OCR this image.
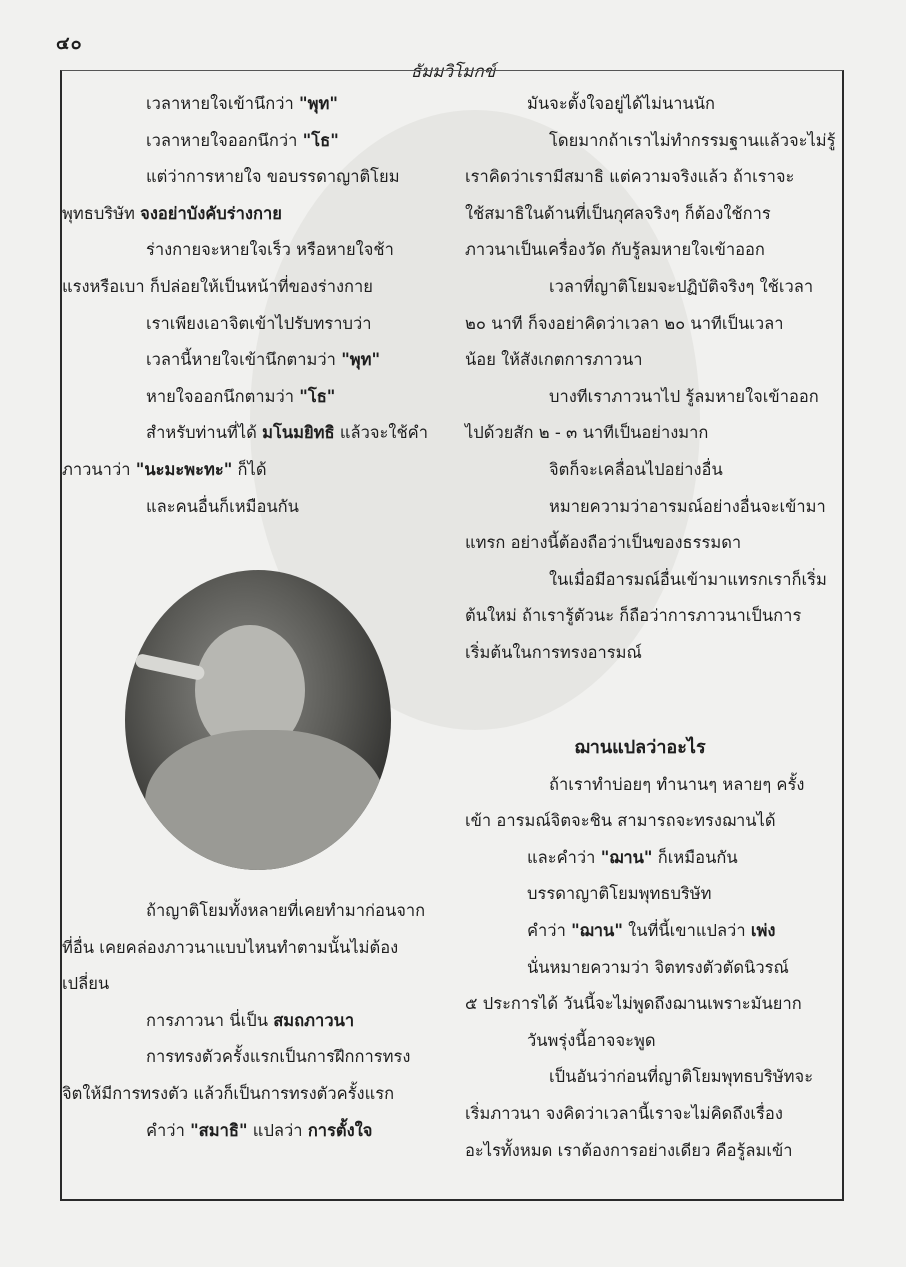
๔๐
ธัมมวิโมกข์

เวลาหายใจเข้านึกว่า "พุท"

เวลาหายใจออกนึกว่า "โธ"

แต่ว่าการหายใจ ขอบรรดาญาติโยม

พุทธบริษัท จงอย่าบังคับร่างกาย

ร่างกายจะหายใจเร็ว หรือหายใจช้า

แรงหรือเบา ก็ปล่อยให้เป็นหน้าที่ของร่างกาย

เราเพียงเอาจิตเข้าไปรับทราบว่า

เวลานี้หายใจเข้านึกตามว่า "พุท"

หายใจออกนึกตามว่า "โธ"

สำหรับท่านที่ได้ มโนมยิทธิ แล้วจะใช้คำ

ภาวนาว่า "นะมะพะทะ" ก็ได้

และคนอื่นก็เหมือนกัน

ถ้าญาติโยมทั้งหลายที่เคยทำมาก่อนจาก

ที่อื่น เคยคล่องภาวนาแบบไหนทำตามนั้นไม่ต้อง

เปลี่ยน

การภาวนา นี่เป็น สมถภาวนา

การทรงตัวครั้งแรกเป็นการฝึกการทรง

จิตให้มีการทรงตัว แล้วก็เป็นการทรงตัวครั้งแรก

คำว่า "สมาธิ" แปลว่า การตั้งใจ

มันจะตั้งใจอยู่ได้ไม่นานนัก

โดยมากถ้าเราไม่ทำกรรมฐานแล้วจะไม่รู้

เราคิดว่าเรามีสมาธิ แต่ความจริงแล้ว ถ้าเราจะ

ใช้สมาธิในด้านที่เป็นกุศลจริงๆ ก็ต้องใช้การ

ภาวนาเป็นเครื่องวัด กับรู้ลมหายใจเข้าออก

เวลาที่ญาติโยมจะปฏิบัติจริงๆ ใช้เวลา

๒๐ นาที ก็จงอย่าคิดว่าเวลา ๒๐ นาทีเป็นเวลา

น้อย ให้สังเกตการภาวนา

บางทีเราภาวนาไป รู้ลมหายใจเข้าออก

ไปด้วยสัก ๒ - ๓ นาทีเป็นอย่างมาก

จิตก็จะเคลื่อนไปอย่างอื่น

หมายความว่าอารมณ์อย่างอื่นจะเข้ามา

แทรก อย่างนี้ต้องถือว่าเป็นของธรรมดา

ในเมื่อมีอารมณ์อื่นเข้ามาแทรกเราก็เริ่ม

ต้นใหม่ ถ้าเรารู้ตัวนะ ก็ถือว่าการภาวนาเป็นการ

เริ่มต้นในการทรงอารมณ์

ฌานแปลว่าอะไร

ถ้าเราทำบ่อยๆ ทำนานๆ หลายๆ ครั้ง

เข้า อารมณ์จิตจะชิน สามารถจะทรงฌานได้

และคำว่า "ฌาน" ก็เหมือนกัน

บรรดาญาติโยมพุทธบริษัท

คำว่า "ฌาน" ในที่นี้เขาแปลว่า เพ่ง

นั่นหมายความว่า จิตทรงตัวตัดนิวรณ์

๕ ประการได้ วันนี้จะไม่พูดถึงฌานเพราะมันยาก

วันพรุ่งนี้อาจจะพูด

เป็นอันว่าก่อนที่ญาติโยมพุทธบริษัทจะ

เริ่มภาวนา จงคิดว่าเวลานี้เราจะไม่คิดถึงเรื่อง

อะไรทั้งหมด เราต้องการอย่างเดียว คือรู้ลมเข้า
